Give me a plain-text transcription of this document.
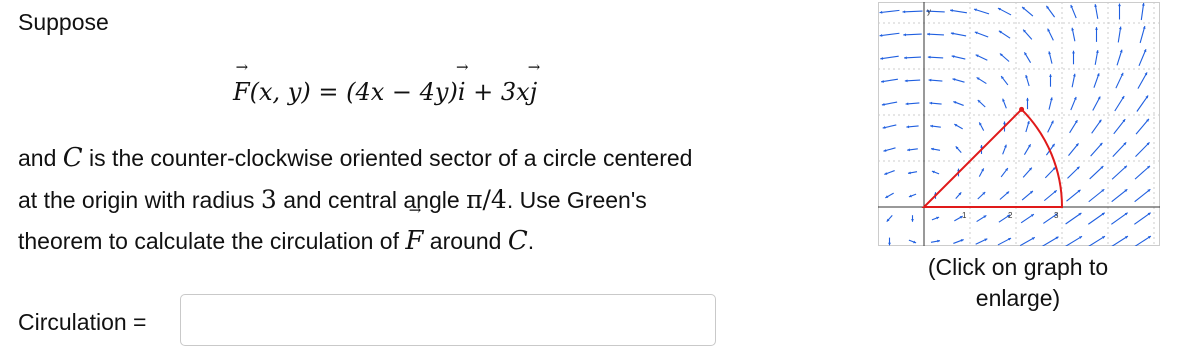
Suppose
→ F(x, y) = (4x − 4y)→ i + 3x→ j
and C is the counter-clockwise oriented sector of a circle centered
at the origin with radius 3 and central angle π/4. Use Green's
theorem to calculate the circulation of → F around C.
Circulation =
y
1	2	3
(Click on graph to
enlarge)
